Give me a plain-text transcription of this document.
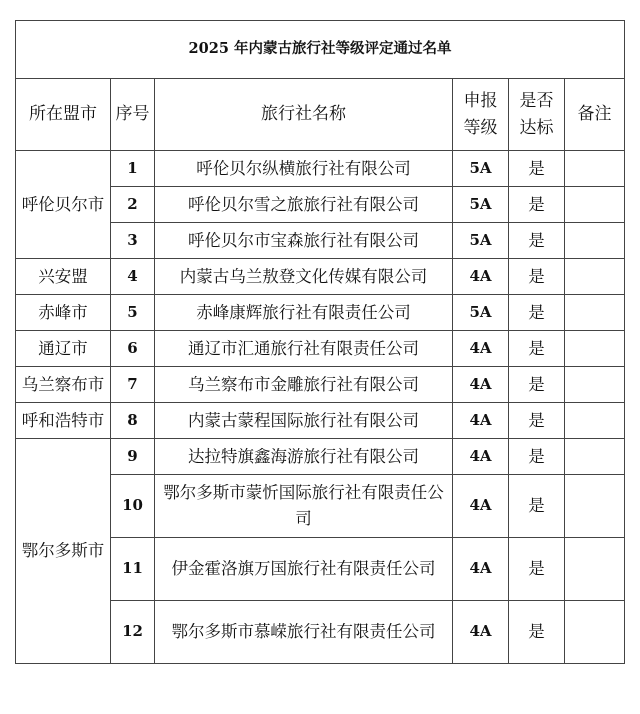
2025 年内蒙古旅行社等级评定通过名单					
所在盟市	序号	旅行社名称	申报等级	是否达标	备注
呼伦贝尔市	1	呼伦贝尔纵横旅行社有限公司	5A	是	
	2	呼伦贝尔雪之旅旅行社有限公司	5A	是	
	3	呼伦贝尔市宝森旅行社有限公司	5A	是	
兴安盟	4	内蒙古乌兰敖登文化传媒有限公司	4A	是	
赤峰市	5	赤峰康辉旅行社有限责任公司	5A	是	
通辽市	6	通辽市汇通旅行社有限责任公司	4A	是	
乌兰察布市	7	乌兰察布市金雕旅行社有限公司	4A	是	
呼和浩特市	8	内蒙古蒙程国际旅行社有限公司	4A	是	
鄂尔多斯市	9	达拉特旗鑫海游旅行社有限公司	4A	是	
	10	鄂尔多斯市蒙忻国际旅行社有限责任公司	4A	是	
	11	伊金霍洛旗万国旅行社有限责任公司	4A	是	
	12	鄂尔多斯市慕嵘旅行社有限责任公司	4A	是	
